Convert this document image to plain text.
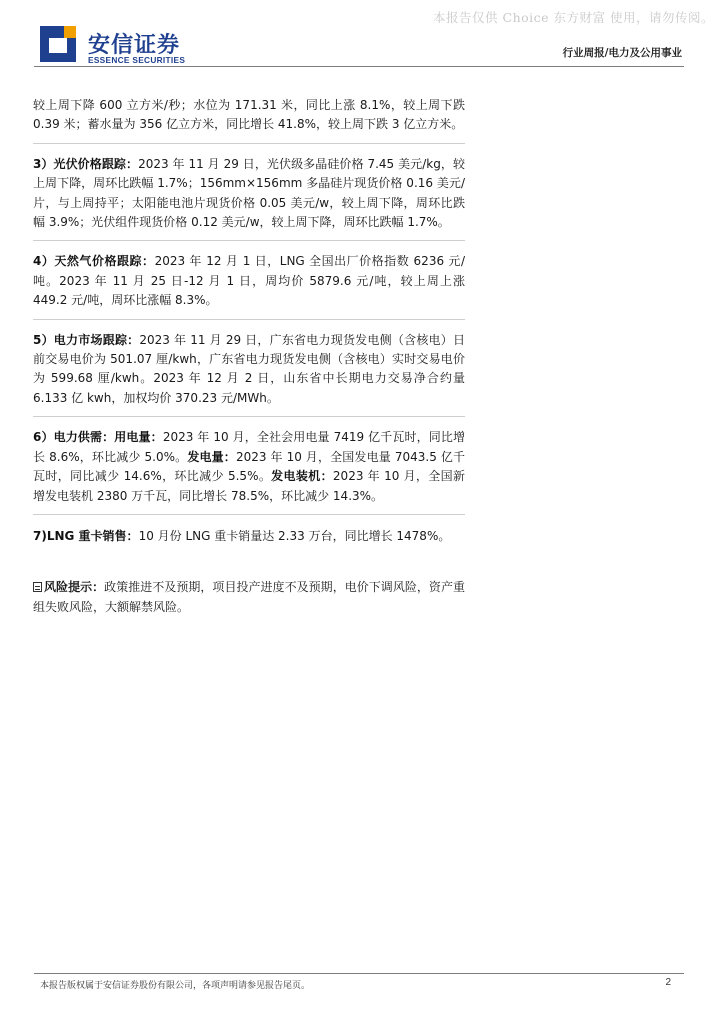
本报告仅供 Choice 东方财富 使用，请勿传阅。
安信证券
ESSENCE SECURITIES
行业周报/电力及公用事业

较上周下降 600 立方米/秒；水位为 171.31 米，同比上涨 8.1%，较上周下跌 0.39 米；蓄水量为 356 亿立方米，同比增长 41.8%，较上周下跌 3 亿立方米。

3）光伏价格跟踪：2023 年 11 月 29 日，光伏级多晶硅价格 7.45 美元/kg，较上周下降，周环比跌幅 1.7%；156mm×156mm 多晶硅片现货价格 0.16 美元/片，与上周持平；太阳能电池片现货价格 0.05 美元/w，较上周下降，周环比跌幅 3.9%；光伏组件现货价格 0.12 美元/w，较上周下降，周环比跌幅 1.7%。

4）天然气价格跟踪：2023 年 12 月 1 日，LNG 全国出厂价格指数 6236 元/吨。2023 年 11 月 25 日-12 月 1 日，周均价 5879.6 元/吨，较上周上涨 449.2 元/吨，周环比涨幅 8.3%。

5）电力市场跟踪：2023 年 11 月 29 日，广东省电力现货发电侧（含核电）日前交易电价为 501.07 厘/kwh，广东省电力现货发电侧（含核电）实时交易电价为 599.68 厘/kwh。2023 年 12 月 2 日，山东省中长期电力交易净合约量 6.133 亿 kwh，加权均价 370.23 元/MWh。

6）电力供需：用电量：2023 年 10 月，全社会用电量 7419 亿千瓦时，同比增长 8.6%，环比减少 5.0%。发电量：2023 年 10 月，全国发电量 7043.5 亿千瓦时，同比减少 14.6%，环比减少 5.5%。发电装机：2023 年 10 月，全国新增发电装机 2380 万千瓦，同比增长 78.5%，环比减少 14.3%。

7)LNG 重卡销售：10 月份 LNG 重卡销量达 2.33 万台，同比增长 1478%。

风险提示：政策推进不及预期，项目投产进度不及预期，电价下调风险，资产重组失败风险，大额解禁风险。

本报告版权属于安信证券股份有限公司，各项声明请参见报告尾页。	2
